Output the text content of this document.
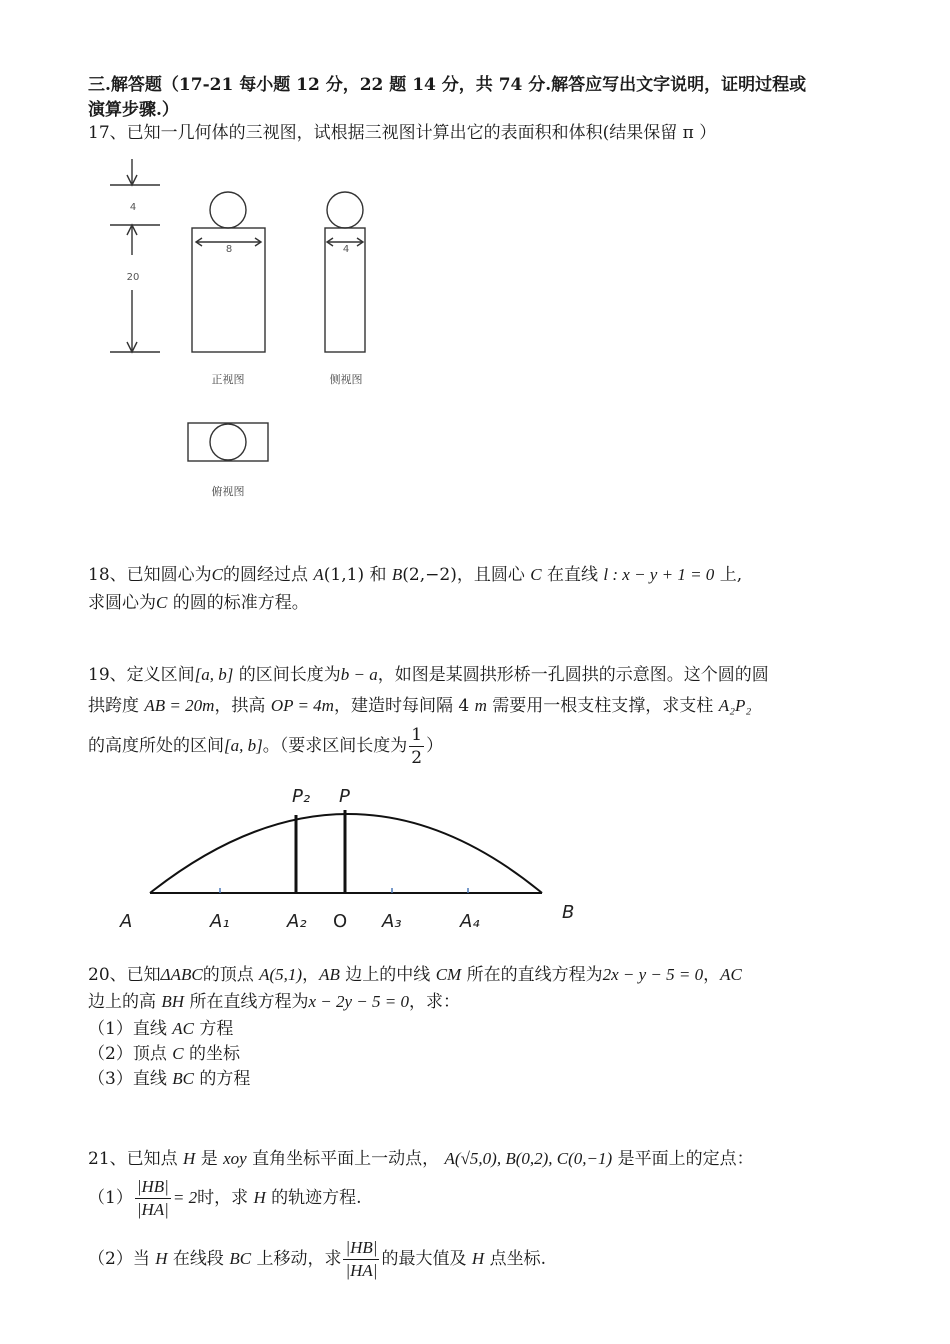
三.解答题（17-21 每小题 12 分，22 题 14 分，共 74 分.解答应写出文字说明，证明过程或
演算步骤.）
17、已知一几何体的三视图，试根据三视图计算出它的表面积和体积(结果保留 π ）
4
20
8	4
正视图	侧视图
俯视图
18、已知圆心为C的圆经过点 A(1,1) 和 B(2,−2)，且圆心 C 在直线 l : x − y + 1 = 0 上,
求圆心为C 的圆的标准方程。
19、定义区间[a, b] 的区间长度为b − a，如图是某圆拱形桥一孔圆拱的示意图。这个圆的圆
拱跨度 AB = 20m，拱高 OP = 4m，建造时每间隔 4 m 需要用一根支柱支撑，求支柱 A₂P₂
的高度所处的区间[a, b]。（要求区间长度为 $\frac{1}{2}$ ）
P₂ P
A	A₁	A₂ O A₃	A₄	B
20、已知ΔABC的顶点 A(5,1)，AB 边上的中线 CM 所在的直线方程为2x − y − 5 = 0，AC
边上的高 BH 所在直线方程为x − 2y − 5 = 0，求：
（1）直线 AC 方程
（2）顶点 C 的坐标
（3）直线 BC 的方程
21、已知点 H 是 xoy 直角坐标平面上一动点， A(√5,0), B(0,2), C(0,−1) 是平面上的定点：
$(1) \frac{|HB|}{|HA|} = 2$时，求 H 的轨迹方程.
（2）当 H 在线段 BC 上移动，求 $\frac{|HB|}{|HA|}$ 的最大值及 H 点坐标.
